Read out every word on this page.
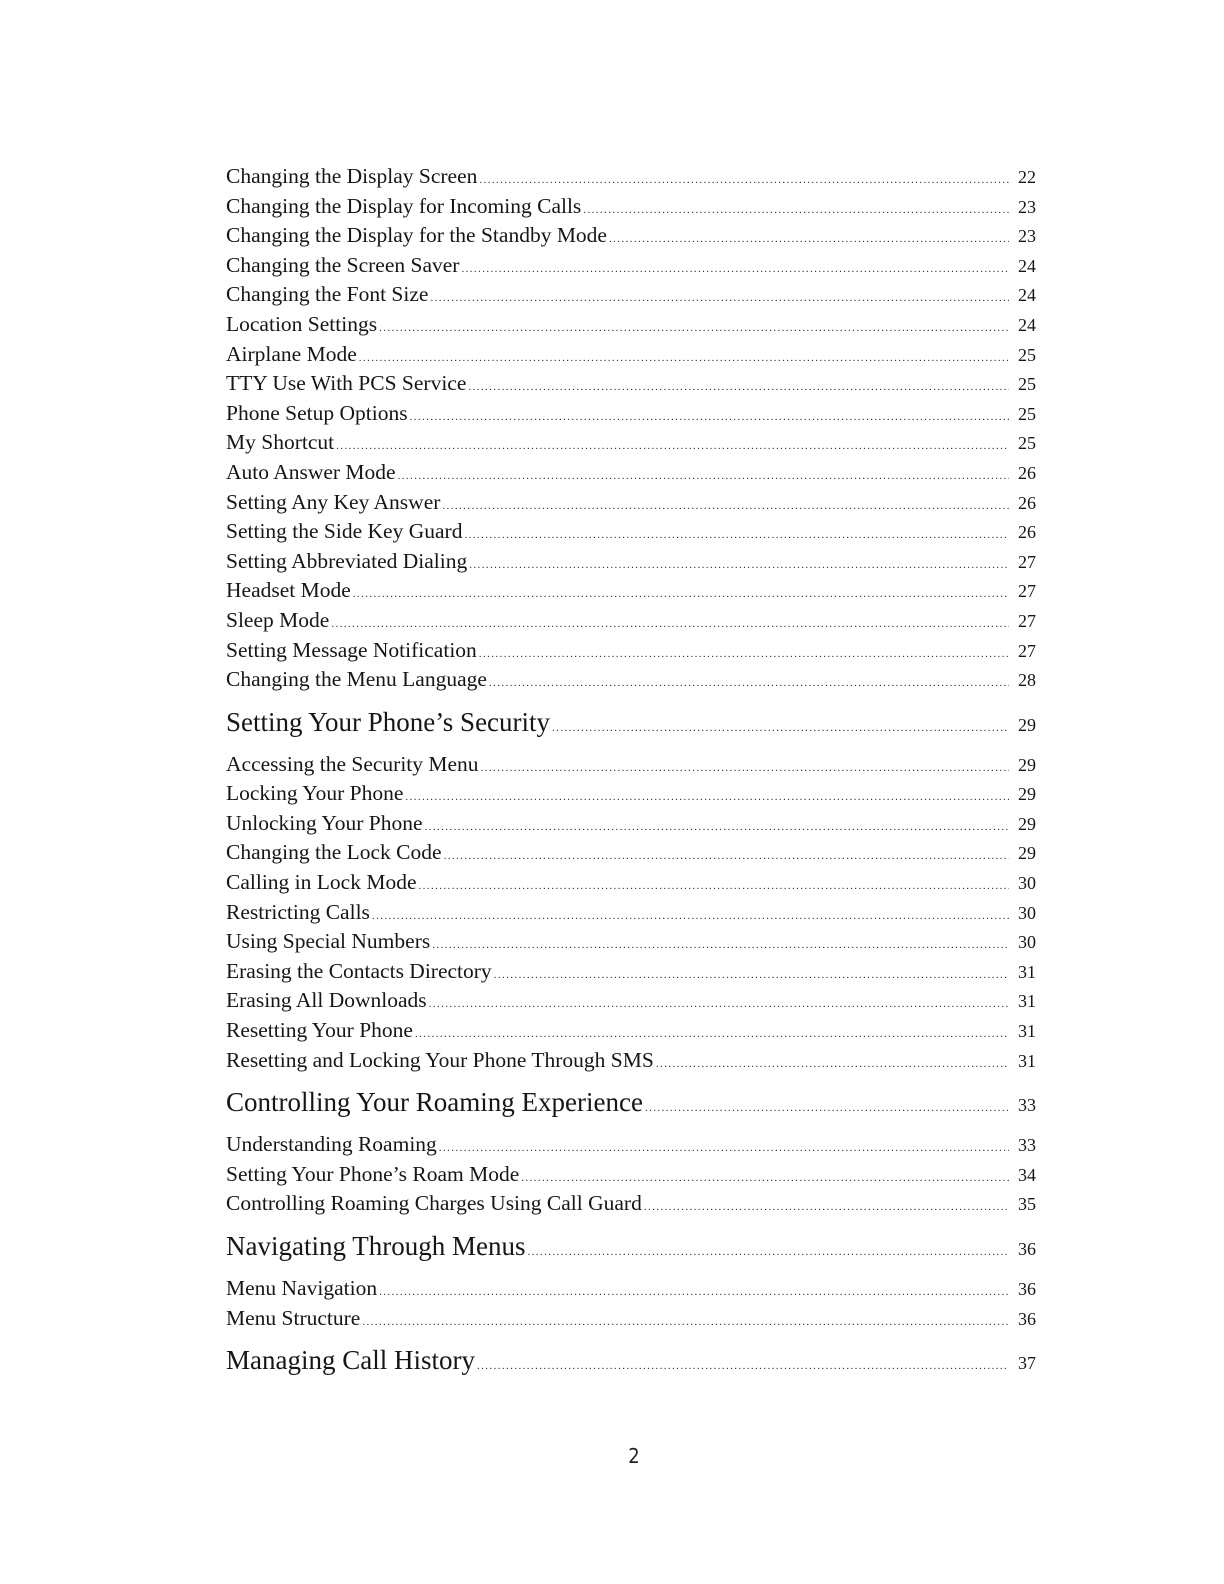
Changing the Display Screen .....	22
Changing the Display for Incoming Calls .....	23
Changing the Display for the Standby Mode .....	23
Changing the Screen Saver .....	24
Changing the Font Size .....	24
Location Settings .....	24
Airplane Mode .....	25
TTY Use With PCS Service .....	25
Phone Setup Options .....	25
My Shortcut .....	25
Auto Answer Mode .....	26
Setting Any Key Answer .....	26
Setting the Side Key Guard .....	26
Setting Abbreviated Dialing .....	27
Headset Mode .....	27
Sleep Mode .....	27
Setting Message Notification .....	27
Changing the Menu Language .....	28
Setting Your Phone’s Security .....	29
Accessing the Security Menu .....	29
Locking Your Phone .....	29
Unlocking Your Phone .....	29
Changing the Lock Code .....	29
Calling in Lock Mode .....	30
Restricting Calls .....	30
Using Special Numbers .....	30
Erasing the Contacts Directory .....	31
Erasing All Downloads .....	31
Resetting Your Phone .....	31
Resetting and Locking Your Phone Through SMS .....	31
Controlling Your Roaming Experience .....	33
Understanding Roaming .....	33
Setting Your Phone’s Roam Mode .....	34
Controlling Roaming Charges Using Call Guard .....	35
Navigating Through Menus .....	36
Menu Navigation .....	36
Menu Structure .....	36
Managing Call History .....	37
2
